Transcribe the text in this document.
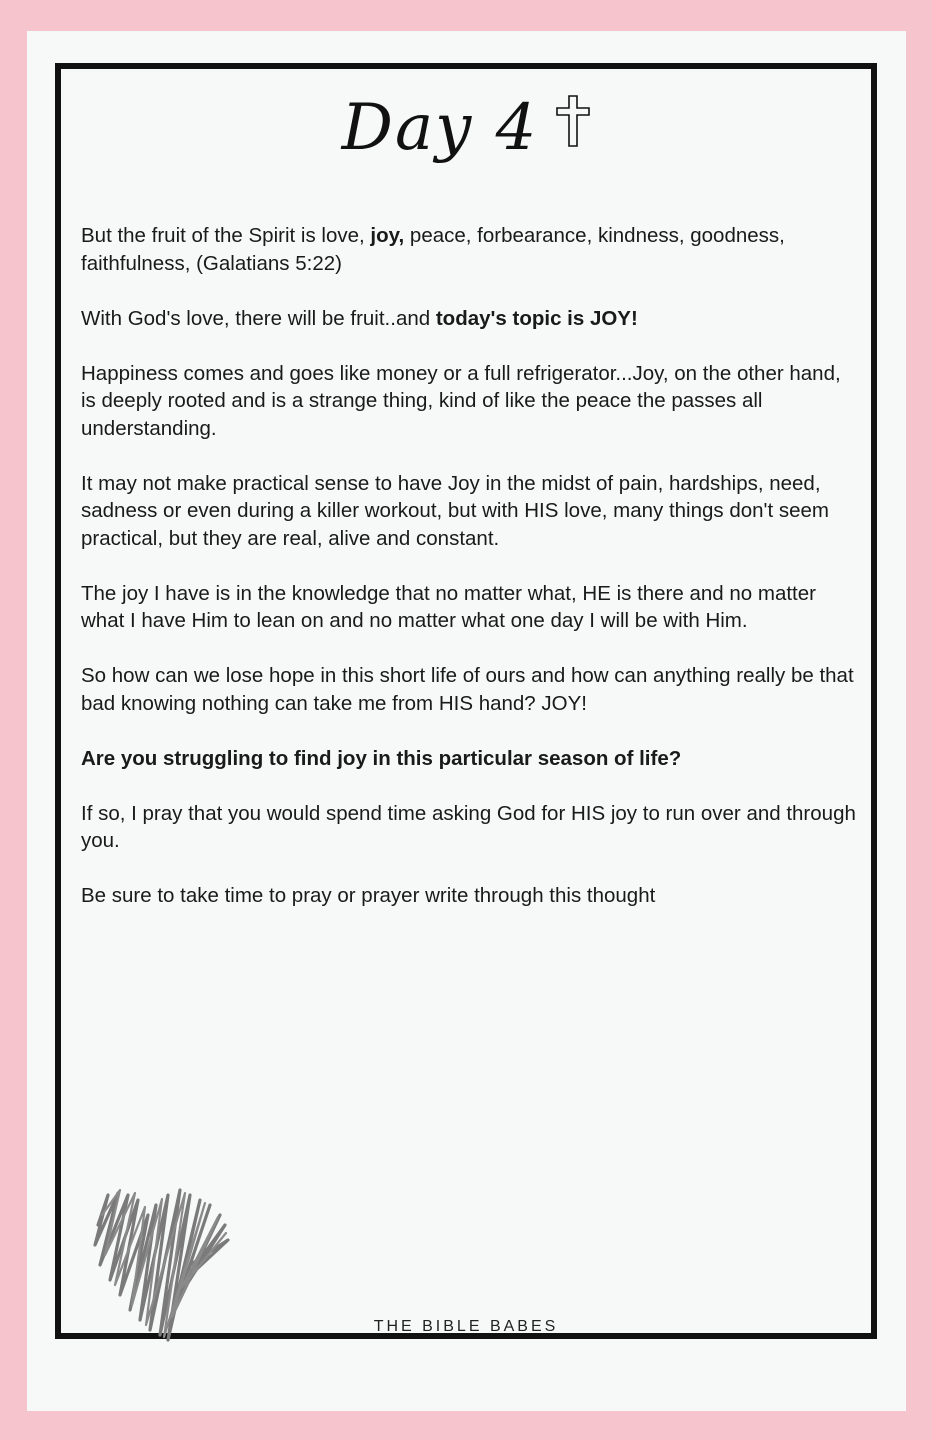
Day 4

But the fruit of the Spirit is love, joy, peace, forbearance, kindness, goodness, faithfulness, (Galatians 5:22)

With God's love, there will be fruit..and today's topic is JOY!

Happiness comes and goes like money or a full refrigerator...Joy, on the other hand, is deeply rooted and is a strange thing, kind of like the peace the passes all understanding.

It may not make practical sense to have Joy in the midst of pain, hardships, need, sadness or even during a killer workout, but with HIS love, many things don't seem practical, but they are real, alive and constant.

The joy I have is in the knowledge that no matter what, HE is there and no matter what I have Him to lean on and no matter what one day I will be with Him.

So how can we lose hope in this short life of ours and how can anything really be that bad knowing nothing can take me from HIS hand? JOY!

Are you struggling to find joy in this particular season of life?

If so, I pray that you would spend time asking God for HIS joy to run over and through you.

Be sure to take time to pray or prayer write through this thought

THE BIBLE BABES
